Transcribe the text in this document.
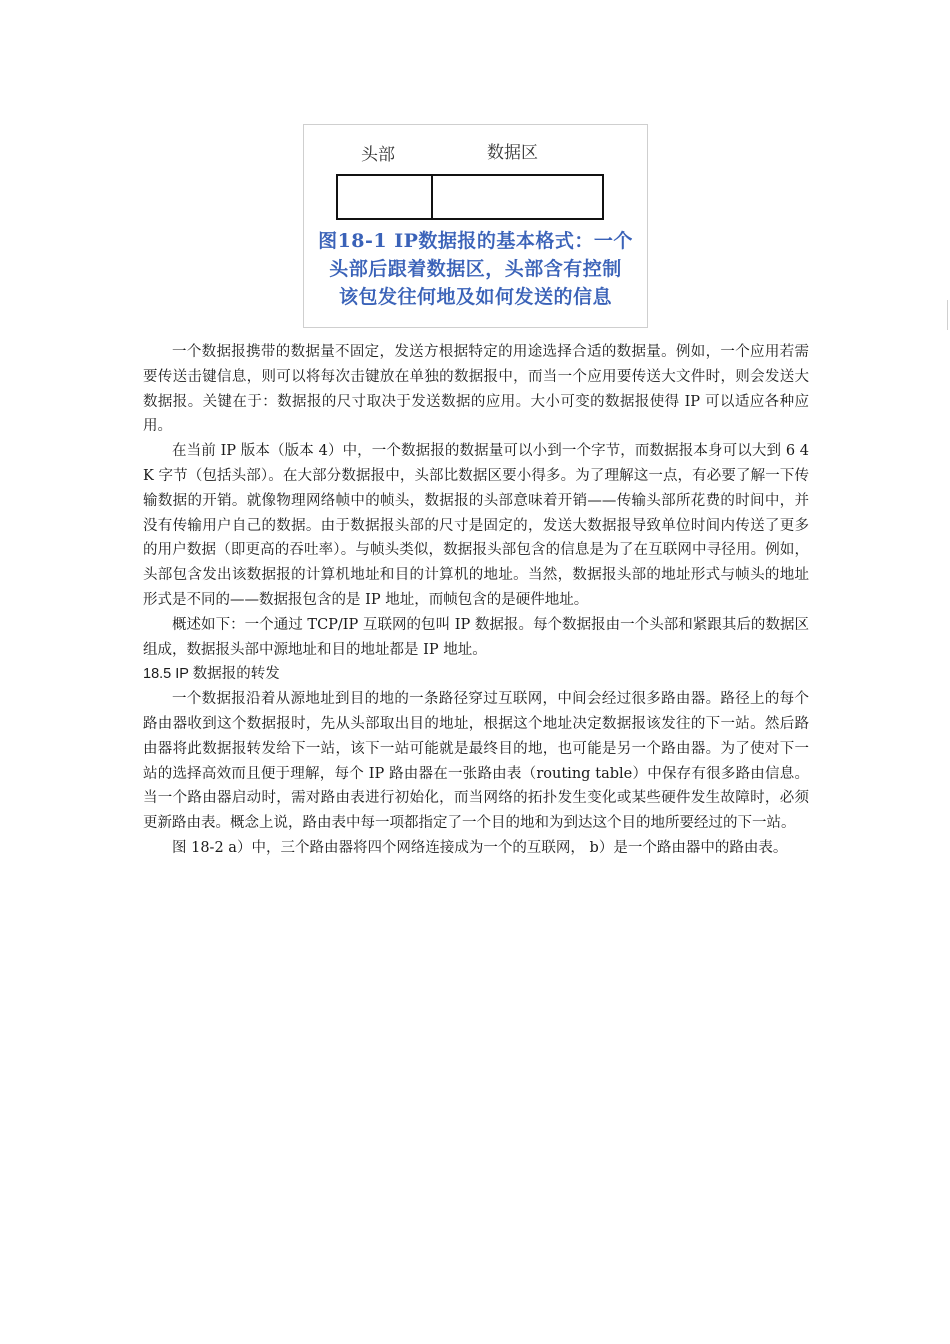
头部	数据区
图18-1 IP数据报的基本格式：一个
头部后跟着数据区，头部含有控制
该包发往何地及如何发送的信息

一个数据报携带的数据量不固定，发送方根据特定的用途选择合适的数据量。例如，一个应用若需要传送击键信息，则可以将每次击键放在单独的数据报中，而当一个应用要传送大文件时，则会发送大数据报。关键在于：数据报的尺寸取决于发送数据的应用。大小可变的数据报使得 IP 可以适应各种应用。

在当前 IP 版本（版本 4）中，一个数据报的数据量可以小到一个字节，而数据报本身可以大到 6 4 K 字节（包括头部）。在大部分数据报中，头部比数据区要小得多。为了理解这一点，有必要了解一下传输数据的开销。就像物理网络帧中的帧头，数据报的头部意味着开销——传输头部所花费的时间中，并没有传输用户自己的数据。由于数据报头部的尺寸是固定的，发送大数据报导致单位时间内传送了更多的用户数据（即更高的吞吐率）。与帧头类似，数据报头部包含的信息是为了在互联网中寻径用。例如，头部包含发出该数据报的计算机地址和目的计算机的地址。当然，数据报头部的地址形式与帧头的地址形式是不同的——数据报包含的是 IP 地址，而帧包含的是硬件地址。

概述如下：一个通过 TCP/IP 互联网的包叫 IP 数据报。每个数据报由一个头部和紧跟其后的数据区组成，数据报头部中源地址和目的地址都是 IP 地址。

18.5 IP 数据报的转发

一个数据报沿着从源地址到目的地的一条路径穿过互联网，中间会经过很多路由器。路径上的每个路由器收到这个数据报时，先从头部取出目的地址，根据这个地址决定数据报该发往的下一站。然后路由器将此数据报转发给下一站，该下一站可能就是最终目的地，也可能是另一个路由器。为了使对下一站的选择高效而且便于理解，每个 IP 路由器在一张路由表（routing table）中保存有很多路由信息。当一个路由器启动时，需对路由表进行初始化，而当网络的拓扑发生变化或某些硬件发生故障时，必须更新路由表。概念上说，路由表中每一项都指定了一个目的地和为到达这个目的地所要经过的下一站。

图 18-2 a）中，三个路由器将四个网络连接成为一个的互联网， b）是一个路由器中的路由表。
